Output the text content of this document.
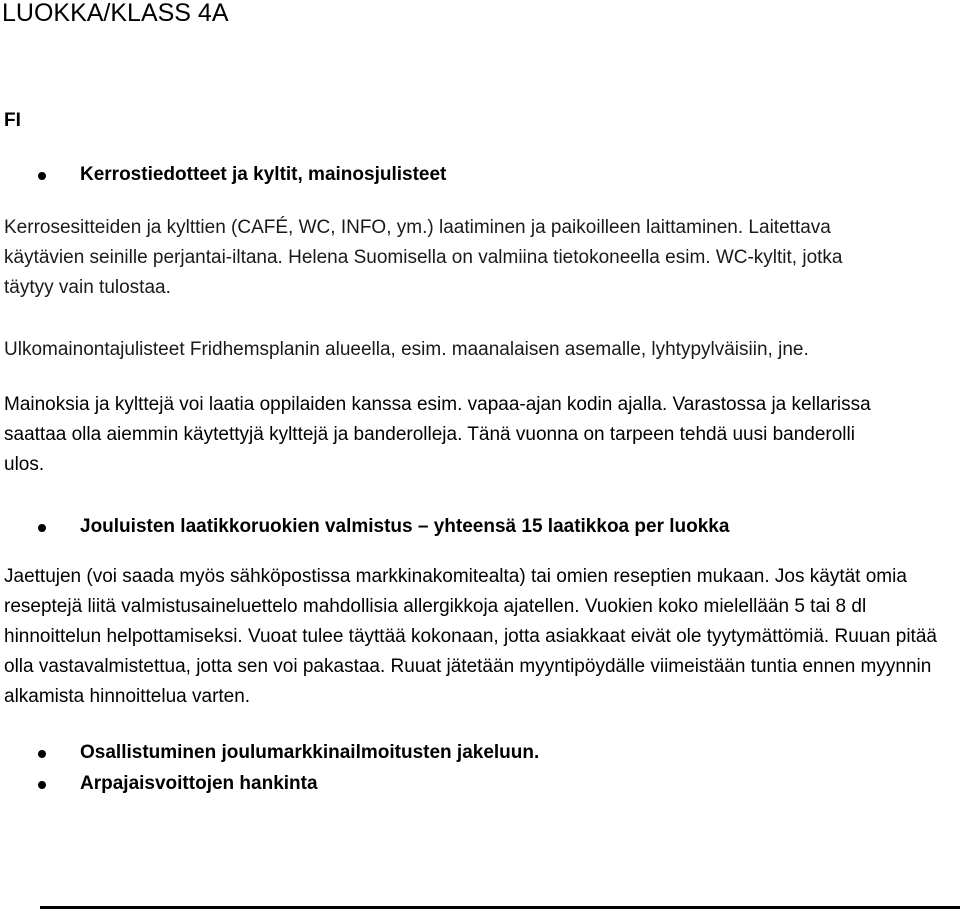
LUOKKA/KLASS 4A

FI

Kerrostiedotteet ja kyltit, mainosjulisteet

Kerrosesitteiden ja kylttien (CAFÉ, WC, INFO, ym.) laatiminen ja paikoilleen laittaminen. Laitettava
käytävien seinille perjantai-iltana. Helena Suomisella on valmiina tietokoneella esim. WC-kyltit, jotka
täytyy vain tulostaa.

Ulkomainontajulisteet Fridhemsplanin alueella, esim. maanalaisen asemalle, lyhtypylväisiin, jne.

Mainoksia ja kylttejä voi laatia oppilaiden kanssa esim. vapaa-ajan kodin ajalla. Varastossa ja kellarissa
saattaa olla aiemmin käytettyjä kylttejä ja banderolleja. Tänä vuonna on tarpeen tehdä uusi banderolli
ulos.

Jouluisten laatikkoruokien valmistus – yhteensä 15 laatikkoa per luokka

Jaettujen (voi saada myös sähköpostissa markkinakomitealta) tai omien reseptien mukaan. Jos käytät omia
reseptejä liitä valmistusaineluettelo mahdollisia allergikkoja ajatellen. Vuokien koko mielellään 5 tai 8 dl
hinnoittelun helpottamiseksi. Vuoat tulee täyttää kokonaan, jotta asiakkaat eivät ole tyytymättömiä. Ruuan pitää
olla vastavalmistettua, jotta sen voi pakastaa. Ruuat jätetään myyntipöydälle viimeistään tuntia ennen myynnin
alkamista hinnoittelua varten.

Osallistuminen joulumarkkinailmoitusten jakeluun.
Arpajaisvoittojen hankinta
